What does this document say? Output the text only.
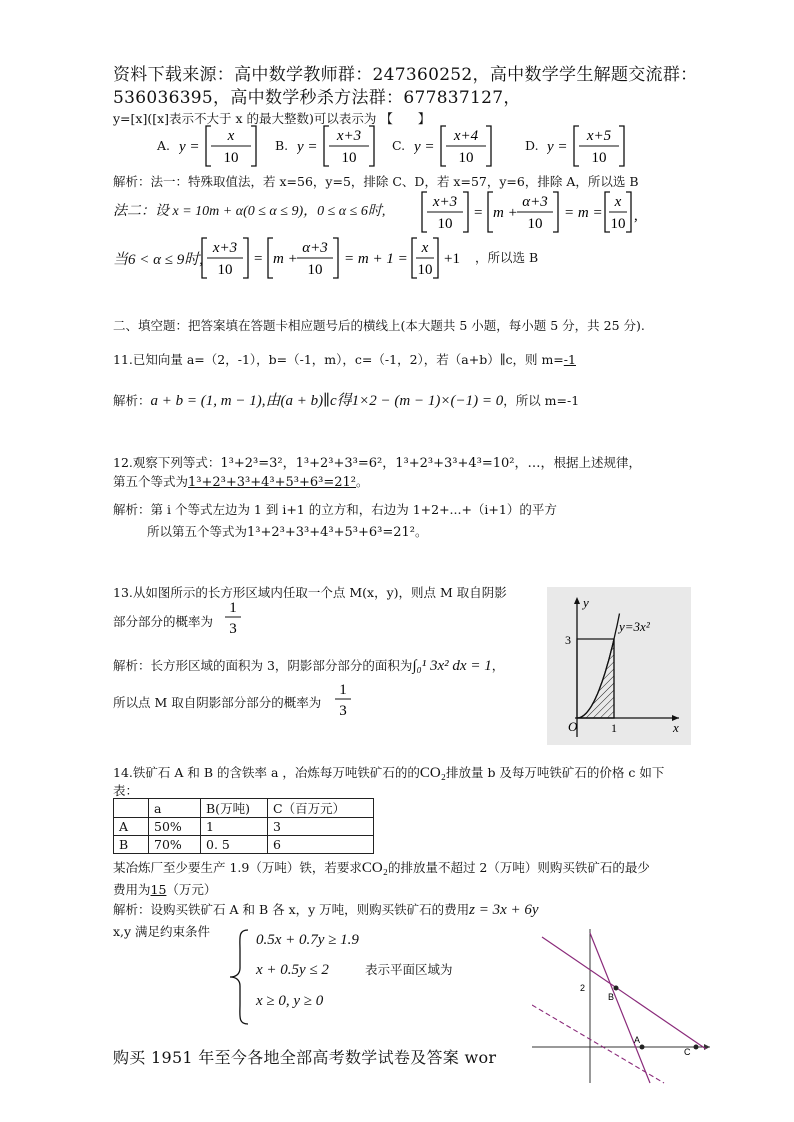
资料下载来源：高中数学教师群：247360252，高中数学学生解题交流群：
536036395，高中数学秒杀方法群：677837127，
y=[x]([x]表示不大于 x 的最大整数)可以表示为 【　　】
A. y =
x
10
B. y =
x+3
10
C. y =
x+4
10
D. y =
x+5
10
解析：法一：特殊取值法，若 x=56，y=5，排除 C、D，若 x=57，y=6，排除 A，所以选 B
法二：设 x = 10m + α(0 ≤ α ≤ 9)，0 ≤ α ≤ 6时,
x+3
10
= m +
α+3
10
= m =
x
10 ,
当6 < α ≤ 9时,
x+3
10
= m +
α+3
10
= m + 1 =
x
10
+1 ，所以选 B
二、填空题：把答案填在答题卡相应题号后的横线上(本大题共 5 小题，每小题 5 分，共 25 分).
11.已知向量 a=（2，-1），b=（-1，m），c=（-1，2），若（a+b）∥c，则 m=-1
解析：a + b = (1, m − 1),由(a + b)∥c得1×2 − (m − 1)×(−1) = 0，所以 m=-1
12.观察下列等式：1³+2³=3²，1³+2³+3³=6²，1³+2³+3³+4³=10²，…，根据上述规律，
第五个等式为1³+2³+3³+4³+5³+6³=21²。
解析：第 i 个等式左边为 1 到 i+1 的立方和，右边为 1+2+...+（i+1）的平方
所以第五个等式为1³+2³+3³+4³+5³+6³=21²。
13.从如图所示的长方形区域内任取一个点 M(x，y)，则点 M 取自阴影
部分部分的概率为
1
3
解析：长方形区域的面积为 3，阴影部分部分的面积为∫₀¹ 3x² dx = 1，
所以点 M 取自阴影部分部分的概率为
1
3
y
x
O
3
1
y=3x²
14.铁矿石 A 和 B 的含铁率 a ，冶炼每万吨铁矿石的的CO₂排放量 b 及每万吨铁矿石的价格 c 如下
表：
	a	B(万吨)	C（百万元）
A	50%	1	3
B	70%	0. 5	6
某冶炼厂至少要生产 1.9（万吨）铁，若要求CO₂的排放量不超过 2（万吨）则购买铁矿石的最少
费用为15（万元）
解析：设购买铁矿石 A 和 B 各 x，y 万吨，则购买铁矿石的费用z = 3x + 6y
x,y 满足约束条件
0.5x + 0.7y ≥ 1.9
x + 0.5y ≤ 2
x ≥ 0, y ≥ 0
表示平面区域为
2
B
A
C
购买 1951 年至今各地全部高考数学试卷及答案 wor
